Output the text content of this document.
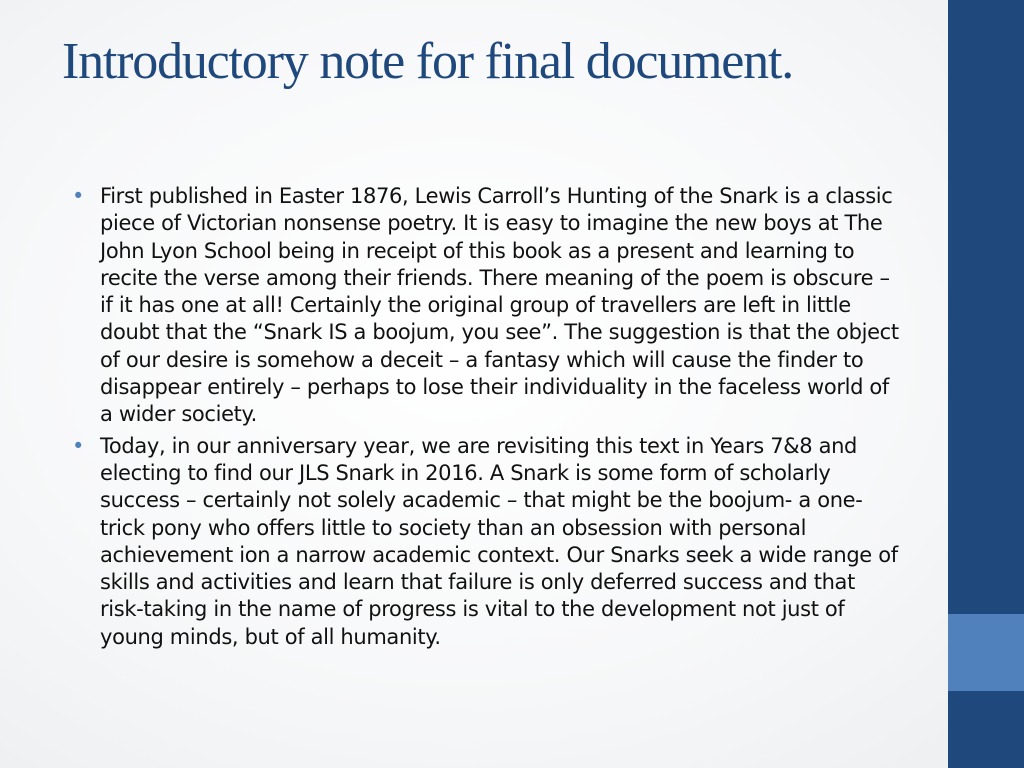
Introductory note for final document.
• First published in Easter 1876, Lewis Carroll’s Hunting of the Snark is a classic piece of Victorian nonsense poetry. It is easy to imagine the new boys at The John Lyon School being in receipt of this book as a present and learning to recite the verse among their friends. There meaning of the poem is obscure – if it has one at all! Certainly the original group of travellers are left in little doubt that the “Snark IS a boojum, you see”. The suggestion is that the object of our desire is somehow a deceit – a fantasy which will cause the finder to disappear entirely – perhaps to lose their individuality in the faceless world of a wider society.
• Today, in our anniversary year, we are revisiting this text in Years 7&8 and electing to find our JLS Snark in 2016. A Snark is some form of scholarly success – certainly not solely academic – that might be the boojum- a one-trick pony who offers little to society than an obsession with personal achievement ion a narrow academic context. Our Snarks seek a wide range of skills and activities and learn that failure is only deferred success and that risk-taking in the name of progress is vital to the development not just of young minds, but of all humanity.
